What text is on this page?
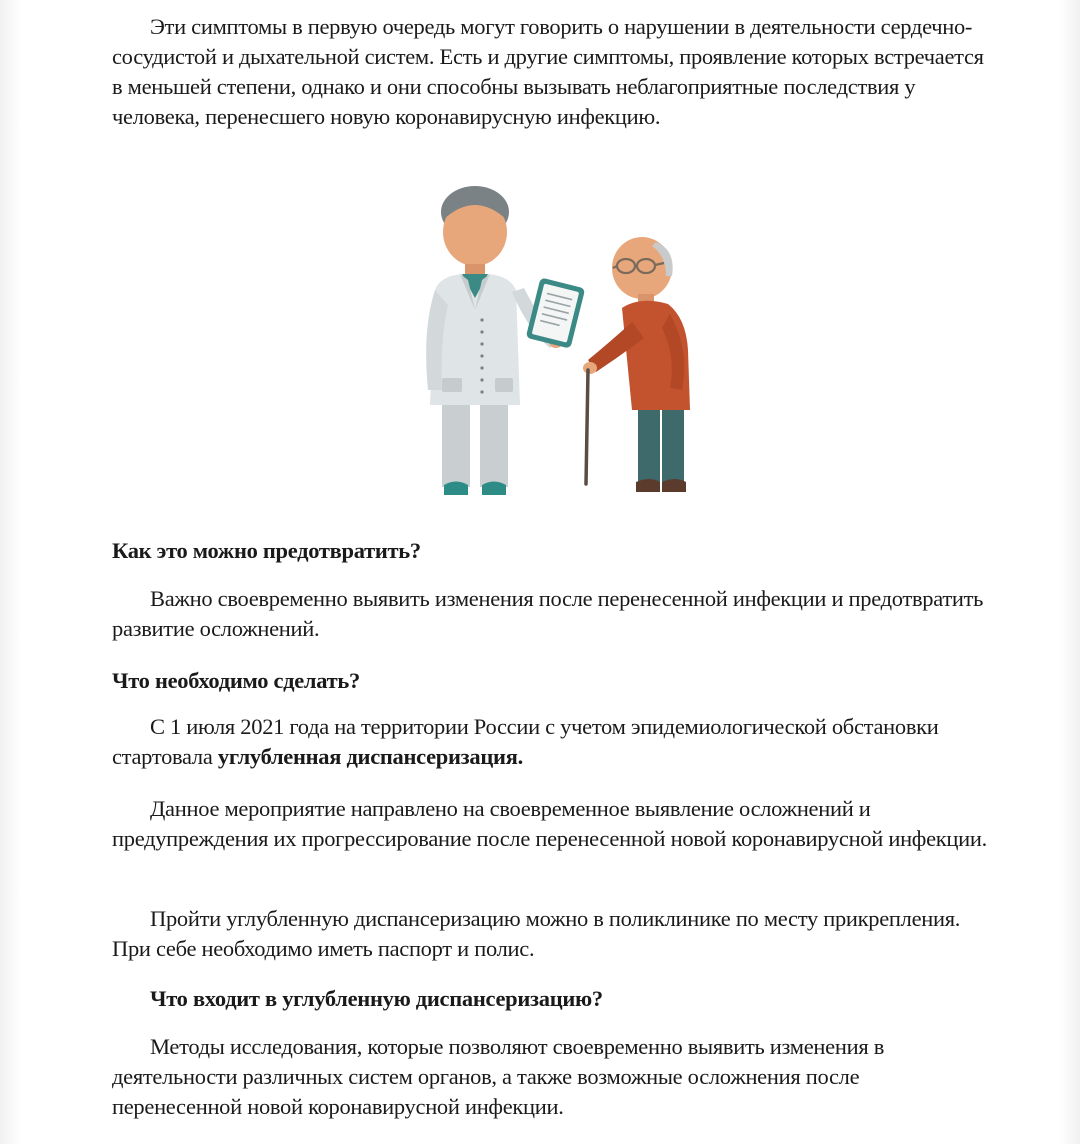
Эти симптомы в первую очередь могут говорить о нарушении в деятельности сердечно-сосудистой и дыхательной систем. Есть и другие симптомы, проявление которых встречается в меньшей степени, однако и они способны вызывать неблагоприятные последствия у человека, перенесшего новую коронавирусную инфекцию.

Как это можно предотвратить?

Важно своевременно выявить изменения после перенесенной инфекции и предотвратить развитие осложнений.

Что необходимо сделать?

С 1 июля 2021 года на территории России с учетом эпидемиологической обстановки стартовала углубленная диспансеризация.

Данное мероприятие направлено на своевременное выявление осложнений и предупреждения их прогрессирование после перенесенной новой коронавирусной инфекции.

Пройти углубленную диспансеризацию можно в поликлинике по месту прикрепления. При себе необходимо иметь паспорт и полис.

Что входит в углубленную диспансеризацию?

Методы исследования, которые позволяют своевременно выявить изменения в деятельности различных систем органов, а также возможные осложнения после перенесенной новой коронавирусной инфекции.
